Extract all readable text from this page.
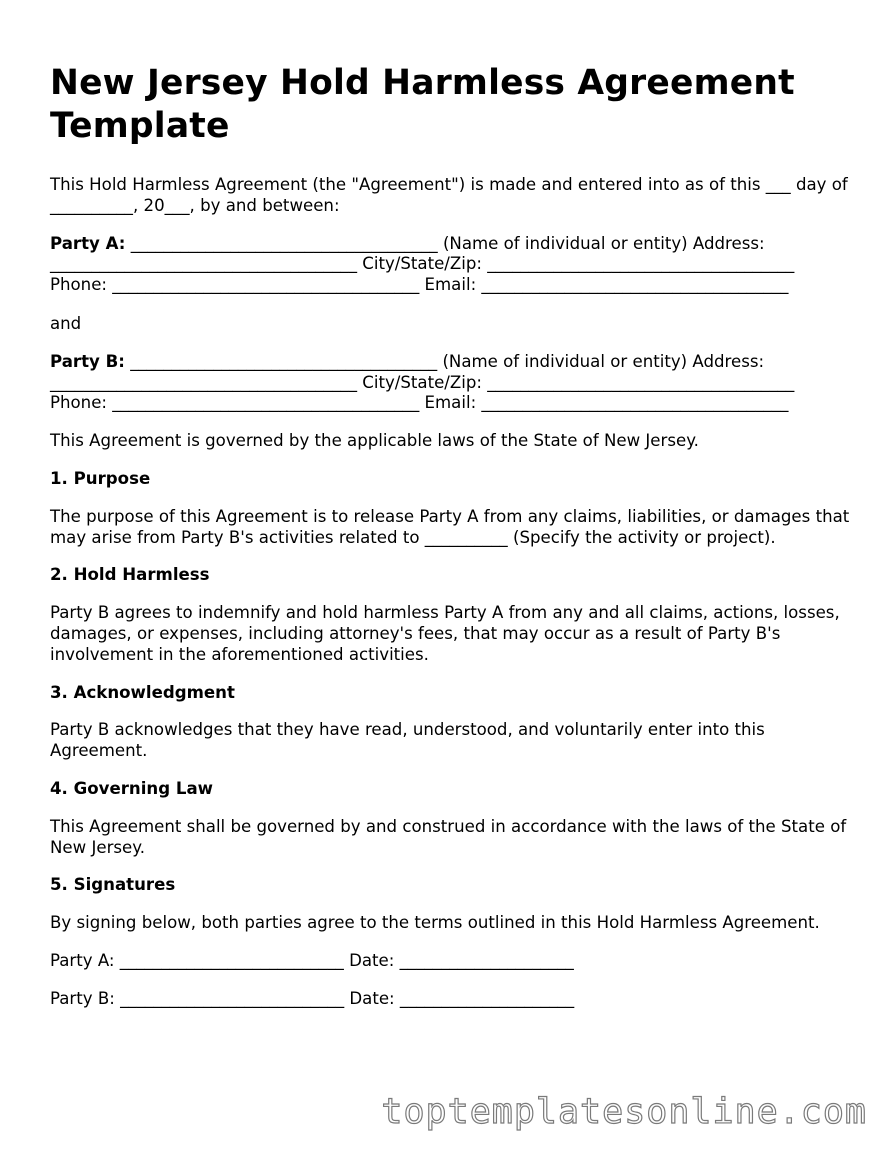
New Jersey Hold Harmless Agreement Template

This Hold Harmless Agreement (the "Agreement") is made and entered into as of this ___ day of __________, 20___, by and between:

Party A: _____________________________________ (Name of individual or entity) Address: _____________________________________ City/State/Zip: _____________________________________ Phone: _____________________________________ Email: _____________________________________

and

Party B: _____________________________________ (Name of individual or entity) Address: _____________________________________ City/State/Zip: _____________________________________ Phone: _____________________________________ Email: _____________________________________

This Agreement is governed by the applicable laws of the State of New Jersey.

1. Purpose

The purpose of this Agreement is to release Party A from any claims, liabilities, or damages that may arise from Party B's activities related to __________ (Specify the activity or project).

2. Hold Harmless

Party B agrees to indemnify and hold harmless Party A from any and all claims, actions, losses, damages, or expenses, including attorney's fees, that may occur as a result of Party B's involvement in the aforementioned activities.

3. Acknowledgment

Party B acknowledges that they have read, understood, and voluntarily enter into this Agreement.

4. Governing Law

This Agreement shall be governed by and construed in accordance with the laws of the State of New Jersey.

5. Signatures

By signing below, both parties agree to the terms outlined in this Hold Harmless Agreement.

Party A: ___________________________ Date: _____________________

Party B: ___________________________ Date: _____________________

toptemplatesonline.com
